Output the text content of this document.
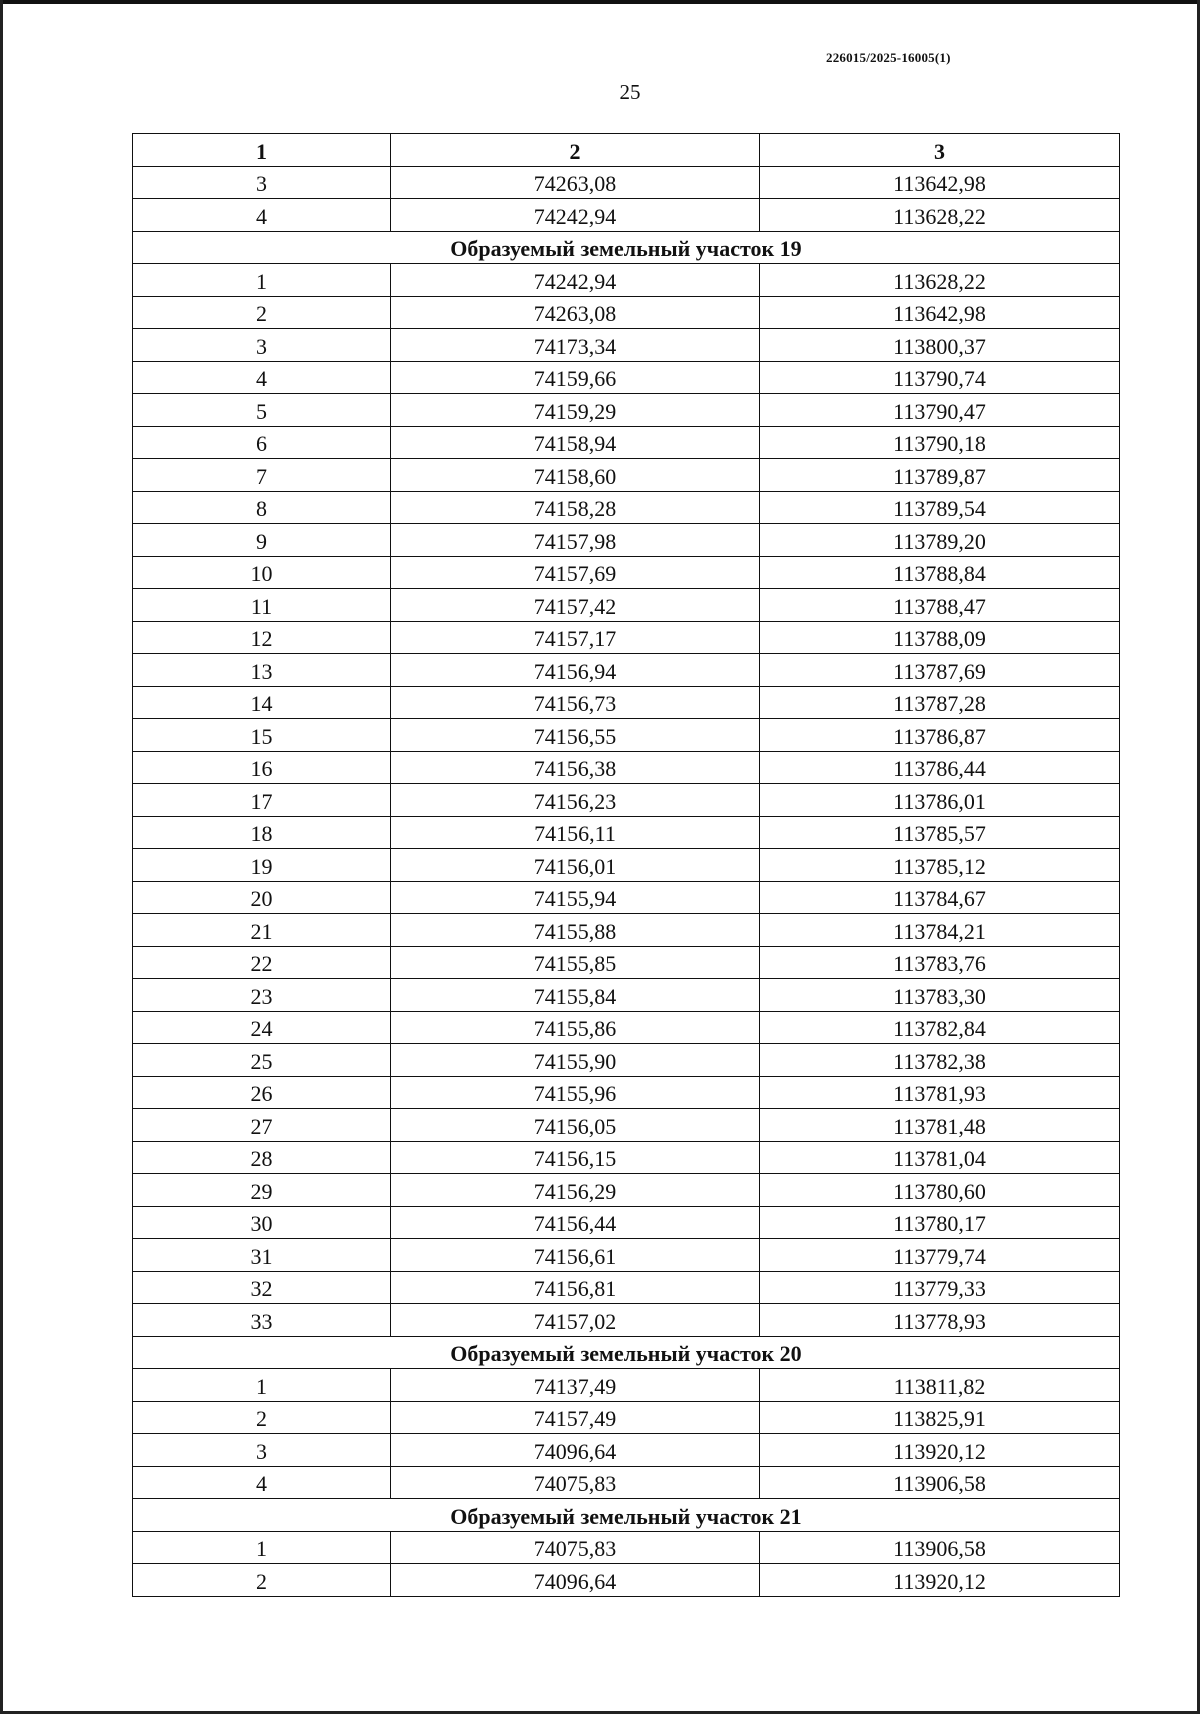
226015/2025-16005(1)
25
1	2	3
3	74263,08	113642,98
4	74242,94	113628,22
Образуемый земельный участок 19		
1	74242,94	113628,22
2	74263,08	113642,98
3	74173,34	113800,37
4	74159,66	113790,74
5	74159,29	113790,47
6	74158,94	113790,18
7	74158,60	113789,87
8	74158,28	113789,54
9	74157,98	113789,20
10	74157,69	113788,84
11	74157,42	113788,47
12	74157,17	113788,09
13	74156,94	113787,69
14	74156,73	113787,28
15	74156,55	113786,87
16	74156,38	113786,44
17	74156,23	113786,01
18	74156,11	113785,57
19	74156,01	113785,12
20	74155,94	113784,67
21	74155,88	113784,21
22	74155,85	113783,76
23	74155,84	113783,30
24	74155,86	113782,84
25	74155,90	113782,38
26	74155,96	113781,93
27	74156,05	113781,48
28	74156,15	113781,04
29	74156,29	113780,60
30	74156,44	113780,17
31	74156,61	113779,74
32	74156,81	113779,33
33	74157,02	113778,93
Образуемый земельный участок 20		
1	74137,49	113811,82
2	74157,49	113825,91
3	74096,64	113920,12
4	74075,83	113906,58
Образуемый земельный участок 21		
1	74075,83	113906,58
2	74096,64	113920,12
